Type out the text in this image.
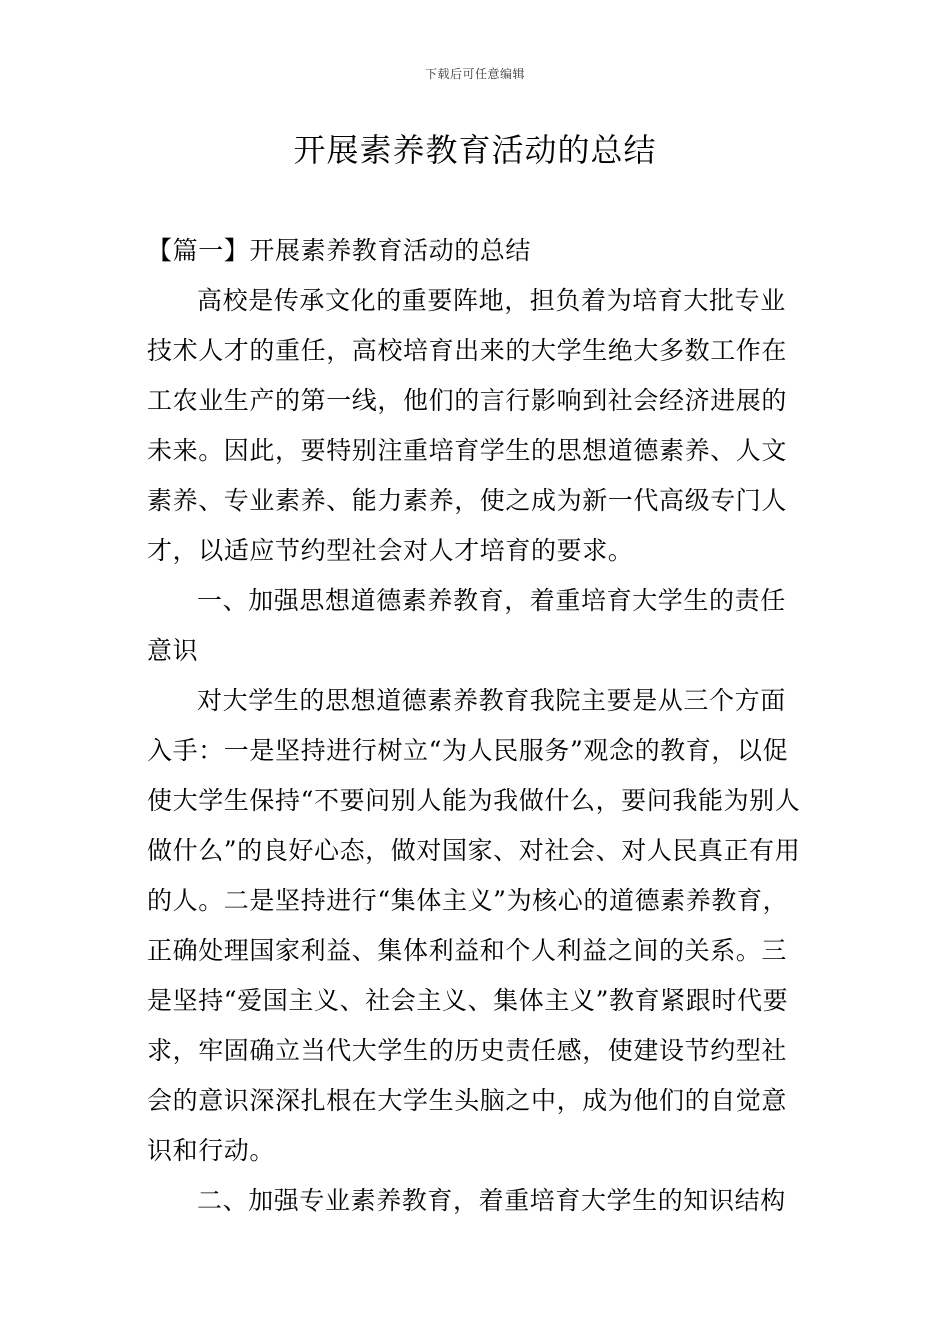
下载后可任意编辑
开展素养教育活动的总结

【篇一】开展素养教育活动的总结

高校是传承文化的重要阵地，担负着为培育大批专业技术人才的重任，高校培育出来的大学生绝大多数工作在工农业生产的第一线，他们的言行影响到社会经济进展的未来。因此，要特别注重培育学生的思想道德素养、人文素养、专业素养、能力素养，使之成为新一代高级专门人才，以适应节约型社会对人才培育的要求。

一、加强思想道德素养教育，着重培育大学生的责任意识

对大学生的思想道德素养教育我院主要是从三个方面入手：一是坚持进行树立“为人民服务”观念的教育，以促使大学生保持“不要问别人能为我做什么，要问我能为别人做什么”的良好心态，做对国家、对社会、对人民真正有用的人。二是坚持进行“集体主义”为核心的道德素养教育，正确处理国家利益、集体利益和个人利益之间的关系。三是坚持“爱国主义、社会主义、集体主义”教育紧跟时代要求，牢固确立当代大学生的历史责任感，使建设节约型社会的意识深深扎根在大学生头脑之中，成为他们的自觉意识和行动。

二、加强专业素养教育，着重培育大学生的知识结构
